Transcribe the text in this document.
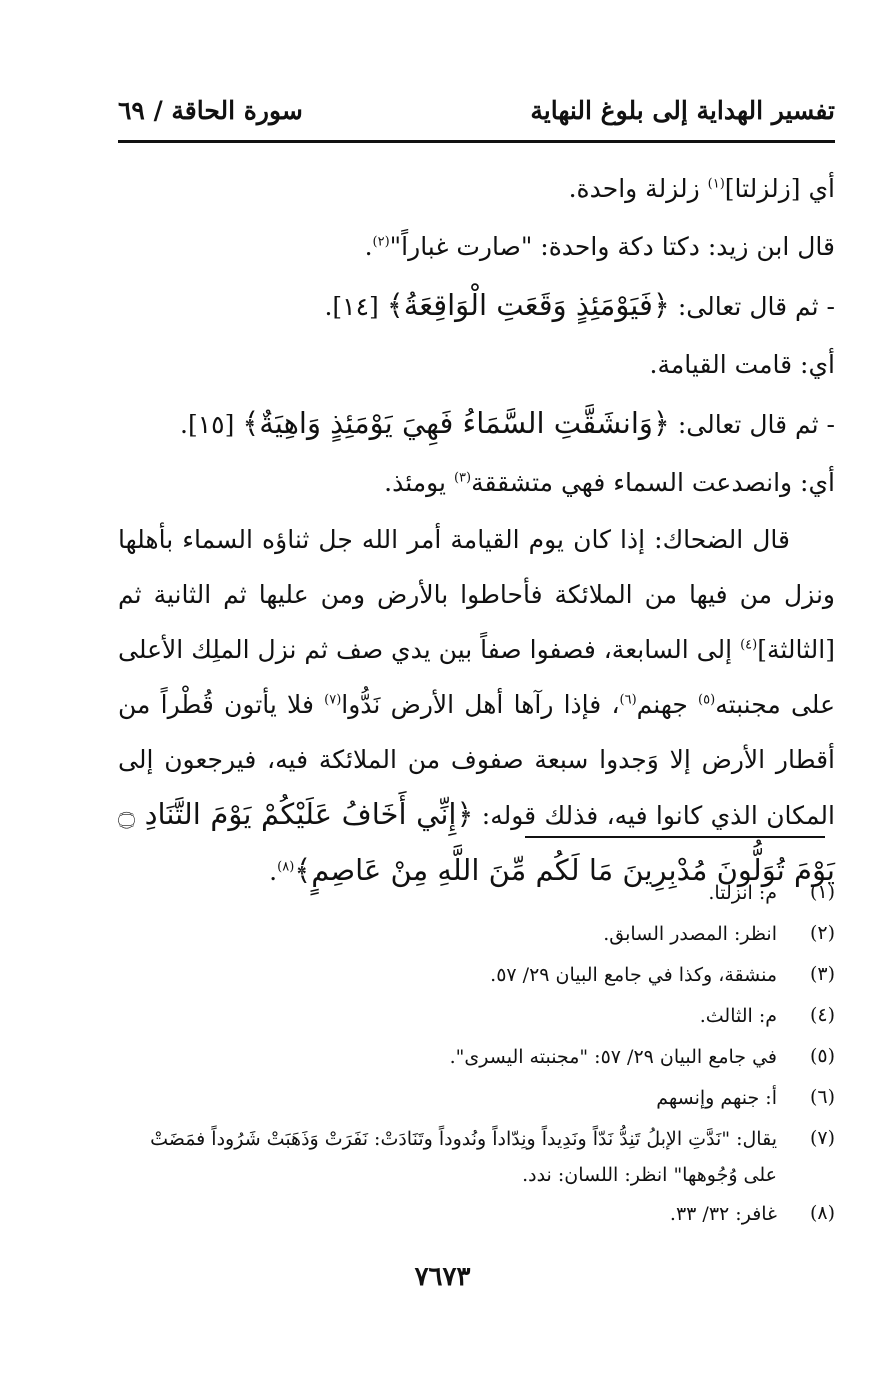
تفسير الهداية إلى بلوغ النهاية
سورة الحاقة / ٦٩

أي [زلزلتا]$^{(١)}$ زلزلة واحدة.

قال ابن زيد: دكتا دكة واحدة: "صارت غباراً"$^{(٢)}$.

- ثم قال تعالى: ﴿فَيَوْمَئِذٍ وَقَعَتِ الْوَاقِعَةُ﴾ [١٤].

أي: قامت القيامة.

- ثم قال تعالى: ﴿وَانشَقَّتِ السَّمَاءُ فَهِيَ يَوْمَئِذٍ وَاهِيَةٌ﴾ [١٥].

أي: وانصدعت السماء فهي متشققة$^{(٣)}$ يومئذ.

قال الضحاك: إذا كان يوم القيامة أمر الله جل ثناؤه السماء بأهلها ونزل من فيها من الملائكة فأحاطوا بالأرض ومن عليها ثم الثانية ثم [الثالثة]$^{(٤)}$ إلى السابعة، فصفوا صفاً بين يدي صف ثم نزل الملِك الأعلى على مجنبته$^{(٥)}$ جهنم$^{(٦)}$، فإذا رآها أهل الأرض نَدُّوا$^{(٧)}$ فلا يأتون قُطْراً من أقطار الأرض إلا وَجدوا سبعة صفوف من الملائكة فيه، فيرجعون إلى المكان الذي كانوا فيه، فذلك قوله: ﴿إِنِّي أَخَافُ عَلَيْكُمْ يَوْمَ التَّنَادِ ۝ يَوْمَ تُوَلُّونَ مُدْبِرِينَ مَا لَكُم مِّنَ اللَّهِ مِنْ عَاصِمٍ﴾$^{(٨)}$.

(١)
م: انزلتا.
(٢)
انظر: المصدر السابق.
(٣)
منشقة، وكذا في جامع البيان ٢٩/ ٥٧.
(٤)
م: الثالث.
(٥)
في جامع البيان ٢٩/ ٥٧: "مجنبته اليسرى".
(٦)
أ: جنهم وإنسهم
(٧)
يقال: "نَدَّتِ الإبلُ تَنِدُّ نَدّاً ونَدِيداً ونِدّاداً ونُدوداً وتَنَادَتْ: نَفَرَتْ وَذَهَبَتْ شَرُوداً فمَضَتْ على وُجُوهها" انظر: اللسان: ندد.
(٨)
غافر: ٣٢/ ٣٣.
٧٦٧٣
